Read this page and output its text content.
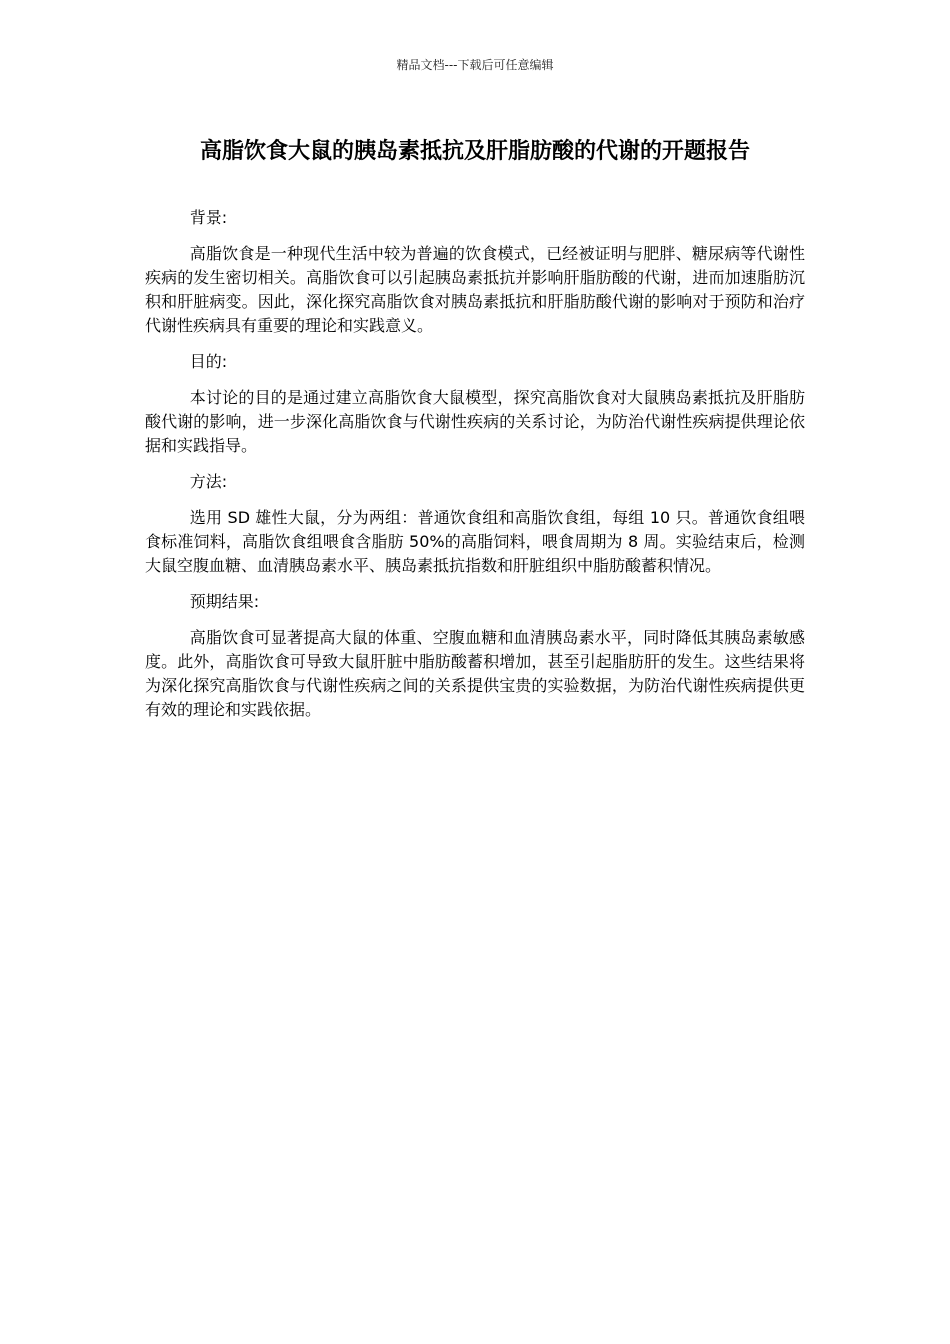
精品文档---下载后可任意编辑
高脂饮食大鼠的胰岛素抵抗及肝脂肪酸的代谢的开题报告

背景:

高脂饮食是一种现代生活中较为普遍的饮食模式，已经被证明与肥胖、糖尿病等代谢性疾病的发生密切相关。高脂饮食可以引起胰岛素抵抗并影响肝脂肪酸的代谢，进而加速脂肪沉积和肝脏病变。因此，深化探究高脂饮食对胰岛素抵抗和肝脂肪酸代谢的影响对于预防和治疗代谢性疾病具有重要的理论和实践意义。

目的:

本讨论的目的是通过建立高脂饮食大鼠模型，探究高脂饮食对大鼠胰岛素抵抗及肝脂肪酸代谢的影响，进一步深化高脂饮食与代谢性疾病的关系讨论，为防治代谢性疾病提供理论依据和实践指导。

方法:

选用 SD 雄性大鼠，分为两组：普通饮食组和高脂饮食组，每组 10 只。普通饮食组喂食标准饲料，高脂饮食组喂食含脂肪 50%的高脂饲料，喂食周期为 8 周。实验结束后，检测大鼠空腹血糖、血清胰岛素水平、胰岛素抵抗指数和肝脏组织中脂肪酸蓄积情况。

预期结果:

高脂饮食可显著提高大鼠的体重、空腹血糖和血清胰岛素水平，同时降低其胰岛素敏感度。此外，高脂饮食可导致大鼠肝脏中脂肪酸蓄积增加，甚至引起脂肪肝的发生。这些结果将为深化探究高脂饮食与代谢性疾病之间的关系提供宝贵的实验数据，为防治代谢性疾病提供更有效的理论和实践依据。
